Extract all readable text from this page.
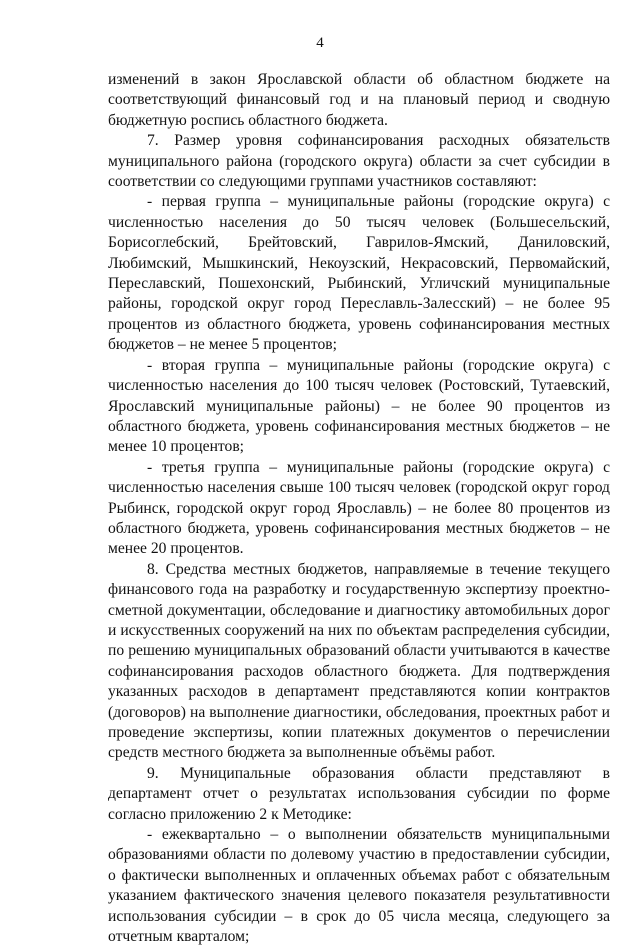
4

изменений в закон Ярославской области об областном бюджете на соответствующий финансовый год и на плановый период и сводную бюджетную роспись областного бюджета.

7. Размер уровня софинансирования расходных обязательств муниципального района (городского округа) области за счет субсидии в соответствии со следующими группами участников составляют:

- первая группа – муниципальные районы (городские округа) с численностью населения до 50 тысяч человек (Большесельский, Борисоглебский, Брейтовский, Гаврилов-Ямский, Даниловский, Любимский, Мышкинский, Некоузский, Некрасовский, Первомайский, Переславский, Пошехонский, Рыбинский, Угличский муниципальные районы, городской округ город Переславль-Залесский) – не более 95 процентов из областного бюджета, уровень софинансирования местных бюджетов – не менее 5 процентов;

- вторая группа – муниципальные районы (городские округа) с численностью населения до 100 тысяч человек (Ростовский, Тутаевский, Ярославский муниципальные районы) – не более 90 процентов из областного бюджета, уровень софинансирования местных бюджетов – не менее 10 процентов;

- третья группа – муниципальные районы (городские округа) с численностью населения свыше 100 тысяч человек (городской округ город Рыбинск, городской округ город Ярославль) – не более 80 процентов из областного бюджета, уровень софинансирования местных бюджетов – не менее 20 процентов.

8. Средства местных бюджетов, направляемые в течение текущего финансового года на разработку и государственную экспертизу проектно-сметной документации, обследование и диагностику автомобильных дорог и искусственных сооружений на них по объектам распределения субсидии, по решению муниципальных образований области учитываются в качестве софинансирования расходов областного бюджета. Для подтверждения указанных расходов в департамент представляются копии контрактов (договоров) на выполнение диагностики, обследования, проектных работ и проведение экспертизы, копии платежных документов о перечислении средств местного бюджета за выполненные объёмы работ.

9. Муниципальные образования области представляют в департамент отчет о результатах использования субсидии по форме согласно приложению 2 к Методике:

- ежеквартально – о выполнении обязательств муниципальными образованиями области по долевому участию в предоставлении субсидии, о фактически выполненных и оплаченных объемах работ с обязательным указанием фактического значения целевого показателя результативности использования субсидии – в срок до 05 числа месяца, следующего за отчетным кварталом;
